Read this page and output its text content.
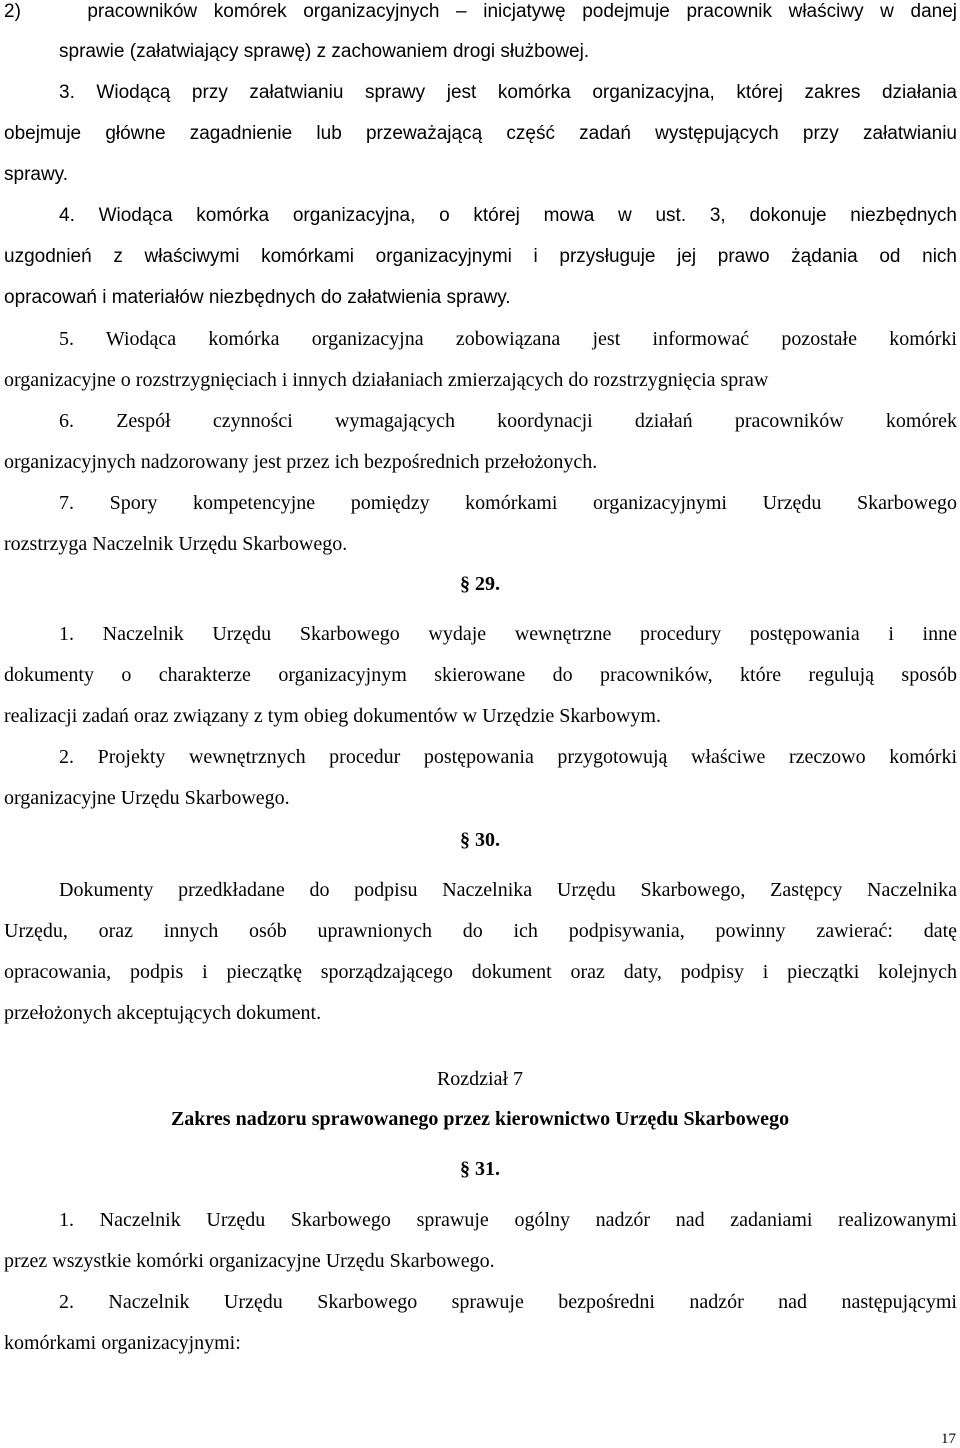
2)    pracowników komórek organizacyjnych – inicjatywę podejmuje pracownik właściwy w danej
sprawie (załatwiający sprawę) z zachowaniem drogi służbowej.
3. Wiodącą przy załatwianiu sprawy jest komórka organizacyjna, której zakres działania
obejmuje główne zagadnienie lub przeważającą część zadań występujących przy załatwianiu
sprawy.
4. Wiodąca komórka organizacyjna, o której mowa w ust. 3, dokonuje niezbędnych
uzgodnień z właściwymi komórkami organizacyjnymi i przysługuje jej prawo żądania od nich
opracowań i materiałów niezbędnych do załatwienia sprawy.
5. Wiodąca komórka organizacyjna zobowiązana jest informować pozostałe komórki
organizacyjne o rozstrzygnięciach i innych działaniach zmierzających do rozstrzygnięcia spraw
6. Zespół czynności wymagających koordynacji działań pracowników komórek
organizacyjnych nadzorowany jest przez ich bezpośrednich przełożonych.
7. Spory kompetencyjne pomiędzy komórkami organizacyjnymi Urzędu Skarbowego
rozstrzyga Naczelnik Urzędu Skarbowego.
§ 29.
1. Naczelnik Urzędu Skarbowego wydaje wewnętrzne procedury postępowania i inne
dokumenty o charakterze organizacyjnym skierowane do pracowników, które regulują sposób
realizacji zadań oraz związany z tym obieg dokumentów w Urzędzie Skarbowym.
2. Projekty wewnętrznych procedur postępowania przygotowują właściwe rzeczowo komórki
organizacyjne Urzędu Skarbowego.
§ 30.
Dokumenty przedkładane do podpisu Naczelnika Urzędu Skarbowego, Zastępcy Naczelnika
Urzędu, oraz innych osób uprawnionych do ich podpisywania, powinny zawierać: datę
opracowania, podpis i pieczątkę sporządzającego dokument oraz daty, podpisy i pieczątki kolejnych
przełożonych akceptujących dokument.
Rozdział 7
Zakres nadzoru sprawowanego przez kierownictwo Urzędu Skarbowego
§ 31.
1. Naczelnik Urzędu Skarbowego sprawuje ogólny nadzór nad zadaniami realizowanymi
przez wszystkie komórki organizacyjne Urzędu Skarbowego.
2. Naczelnik Urzędu Skarbowego sprawuje bezpośredni nadzór nad następującymi
komórkami organizacyjnymi:
17
